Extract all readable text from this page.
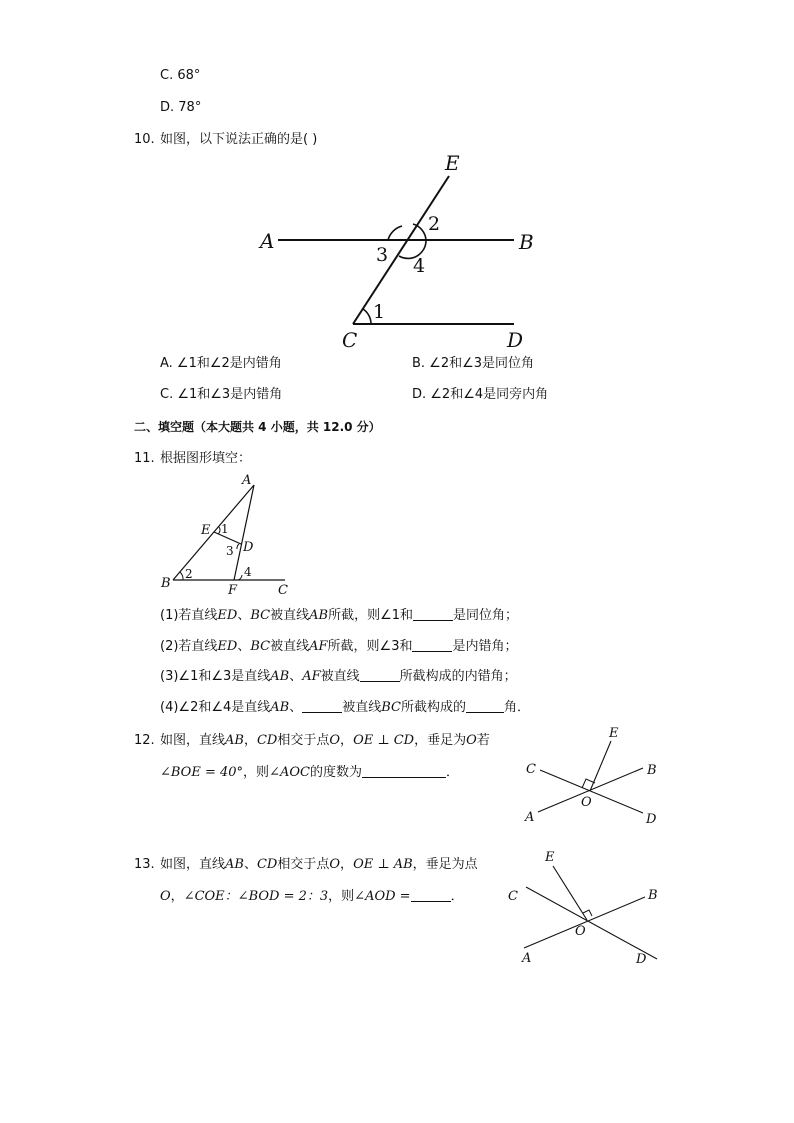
C. 68°
D. 78°
10. 如图，以下说法正确的是( )
A	B
C	D
E
1
2
3 4
A. ∠1和∠2是内错角	B. ∠2和∠3是同位角
C. ∠1和∠3是内错角	D. ∠2和∠4是同旁内角
二、填空题（本大题共 4 小题，共 12.0 分）
11. 根据图形填空：
A
B	C
D
E
F
1
2
3
4
(1)若直线ED、BC被直线AB所截，则∠1和	是同位角；
(2)若直线ED、BC被直线AF所截，则∠3和	是内错角；
(3)∠1和∠3是直线AB、AF被直线	所截构成的内错角；
(4)∠2和∠4是直线AB、	被直线BC所截构成的	角．
12. 如图，直线AB，CD相交于点O，OE ⊥ CD，垂足为O若
∠BOE = 40°，则∠AOC的度数为	．	C	B
A	D
E
O
13. 如图，直线AB、CD相交于点O，OE ⊥ AB，垂足为点
O，∠COE：∠BOD = 2：3，则∠AOD =	．	C	B
A	D
E
O
